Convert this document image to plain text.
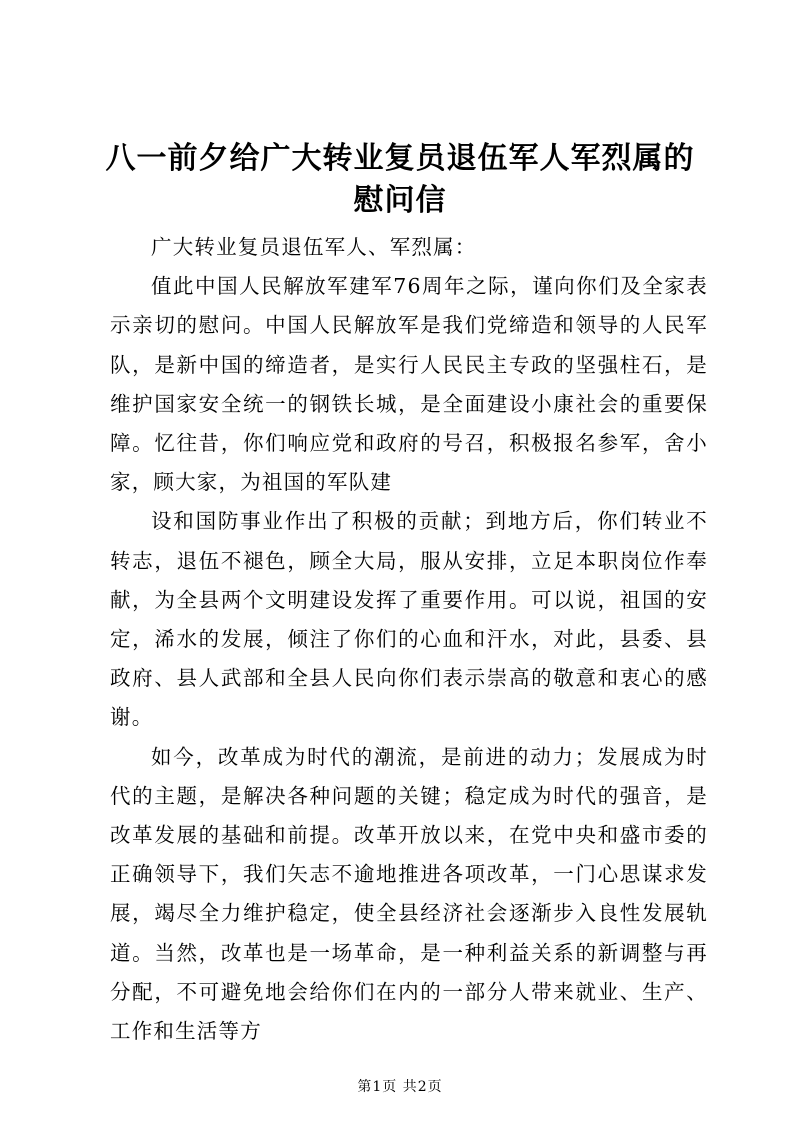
八一前夕给广大转业复员退伍军人军烈属的慰问信

广大转业复员退伍军人、军烈属：

值此中国人民解放军建军76周年之际，谨向你们及全家表示亲切的慰问。中国人民解放军是我们党缔造和领导的人民军队，是新中国的缔造者，是实行人民民主专政的坚强柱石，是维护国家安全统一的钢铁长城，是全面建设小康社会的重要保障。忆往昔，你们响应党和政府的号召，积极报名参军，舍小家，顾大家，为祖国的军队建

设和国防事业作出了积极的贡献；到地方后，你们转业不转志，退伍不褪色，顾全大局，服从安排，立足本职岗位作奉献，为全县两个文明建设发挥了重要作用。可以说，祖国的安定，浠水的发展，倾注了你们的心血和汗水，对此，县委、县政府、县人武部和全县人民向你们表示崇高的敬意和衷心的感谢。

如今，改革成为时代的潮流，是前进的动力；发展成为时代的主题，是解决各种问题的关键；稳定成为时代的强音，是改革发展的基础和前提。改革开放以来，在党中央和盛市委的正确领导下，我们矢志不逾地推进各项改革，一门心思谋求发展，竭尽全力维护稳定，使全县经济社会逐渐步入良性发展轨道。当然，改革也是一场革命，是一种利益关系的新调整与再分配，不可避免地会给你们在内的一部分人带来就业、生产、工作和生活等方

第1页 共2页
